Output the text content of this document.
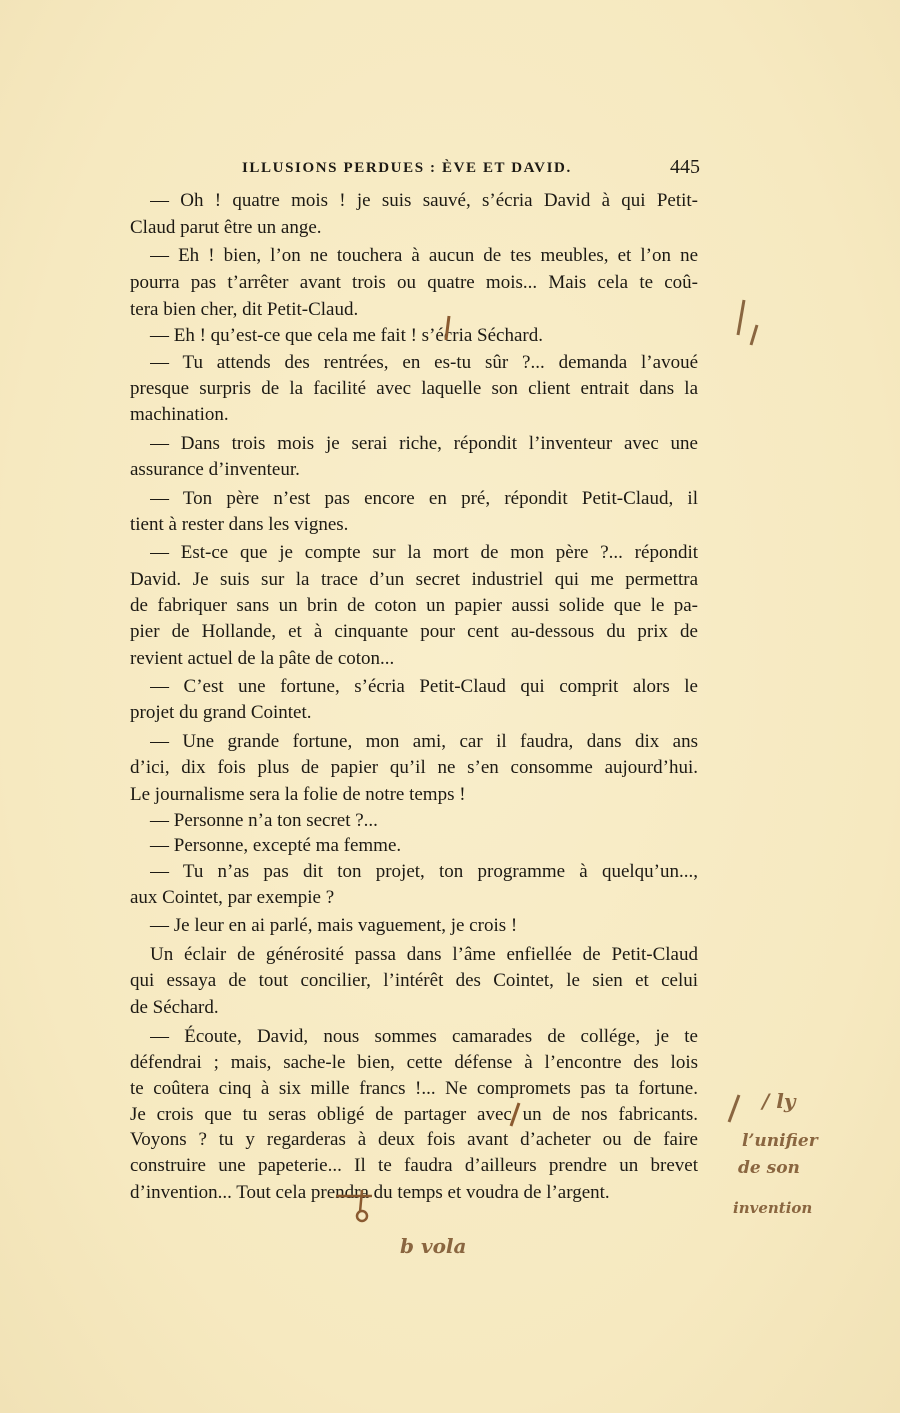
ILLUSIONS PERDUES : ÈVE ET DAVID.	445
— Oh ! quatre mois ! je suis sauvé, s’écria David à qui Petit-
Claud parut être un ange.
— Eh ! bien, l’on ne touchera à aucun de tes meubles, et l’on ne
pourra pas t’arrêter avant trois ou quatre mois... Mais cela te coû-
tera bien cher, dit Petit-Claud.
— Eh ! qu’est-ce que cela me fait ! s’écria Séchard.
— Tu attends des rentrées, en es-tu sûr ?... demanda l’avoué
presque surpris de la facilité avec laquelle son client entrait dans la
machination.
— Dans trois mois je serai riche, répondit l’inventeur avec une
assurance d’inventeur.
— Ton père n’est pas encore en pré, répondit Petit-Claud, il
tient à rester dans les vignes.
— Est-ce que je compte sur la mort de mon père ?... répondit
David. Je suis sur la trace d’un secret industriel qui me permettra
de fabriquer sans un brin de coton un papier aussi solide que le pa-
pier de Hollande, et à cinquante pour cent au-dessous du prix de
revient actuel de la pâte de coton...
— C’est une fortune, s’écria Petit-Claud qui comprit alors le
projet du grand Cointet.
— Une grande fortune, mon ami, car il faudra, dans dix ans
d’ici, dix fois plus de papier qu’il ne s’en consomme aujourd’hui.
Le journalisme sera la folie de notre temps !
— Personne n’a ton secret ?...
— Personne, excepté ma femme.
— Tu n’as pas dit ton projet, ton programme à quelqu’un...,
aux Cointet, par exempie ?
— Je leur en ai parlé, mais vaguement, je crois !
Un éclair de générosité passa dans l’âme enfiellée de Petit-Claud
qui essaya de tout concilier, l’intérêt des Cointet, le sien et celui
de Séchard.
— Écoute, David, nous sommes camarades de collége, je te
défendrai ; mais, sache-le bien, cette défense à l’encontre des lois
te coûtera cinq à six mille francs !... Ne compromets pas ta fortune.
Je crois que tu seras obligé de partager avec un de nos fabricants.
Voyons ? tu y regarderas à deux fois avant d’acheter ou de faire
construire une papeterie... Il te faudra d’ailleurs prendre un brevet
d’invention... Tout cela prendra du temps et voudra de l’argent.
/ ly
l’unifier
de son
invention
b vola
